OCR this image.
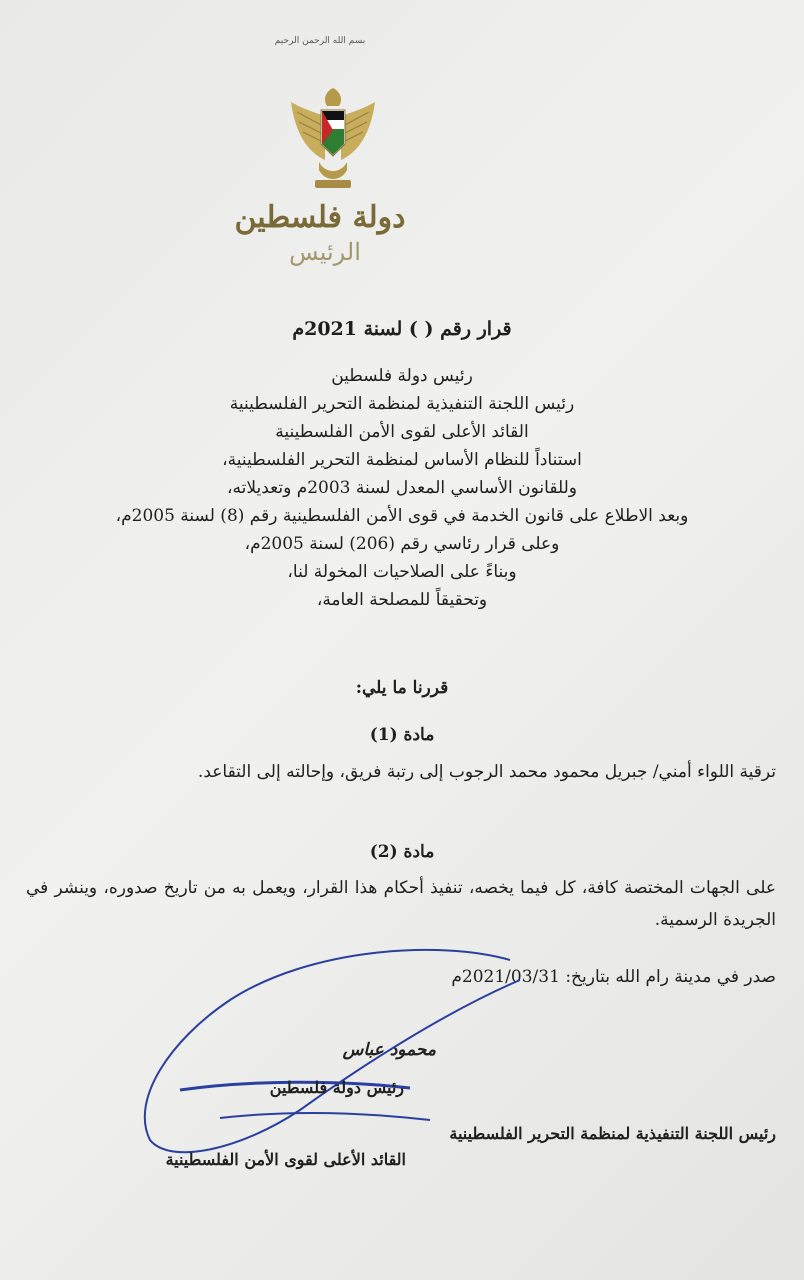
بسم الله الرحمن الرحيم
دولة فلسطين
الرئيس
قرار رقم ( ) لسنة 2021م
رئيس دولة فلسطين
رئيس اللجنة التنفيذية لمنظمة التحرير الفلسطينية
القائد الأعلى لقوى الأمن الفلسطينية
استناداً للنظام الأساس لمنظمة التحرير الفلسطينية،
وللقانون الأساسي المعدل لسنة 2003م وتعديلاته،
وبعد الاطلاع على قانون الخدمة في قوى الأمن الفلسطينية رقم (8) لسنة 2005م،
وعلى قرار رئاسي رقم (206) لسنة 2005م،
وبناءً على الصلاحيات المخولة لنا،
وتحقيقاً للمصلحة العامة،
قررنا ما يلي:
مادة (1)
ترقية اللواء أمني/ جبريل محمود محمد الرجوب إلى رتبة فريق، وإحالته إلى التقاعد.
مادة (2)
على الجهات المختصة كافة، كل فيما يخصه، تنفيذ أحكام هذا القرار، ويعمل به من تاريخ صدوره، وينشر في الجريدة الرسمية.
صدر في مدينة رام الله بتاريخ: 2021/03/31م
محمود عباس
رئيس دولة فلسطين
رئيس اللجنة التنفيذية لمنظمة التحرير الفلسطينية
القائد الأعلى لقوى الأمن الفلسطينية
